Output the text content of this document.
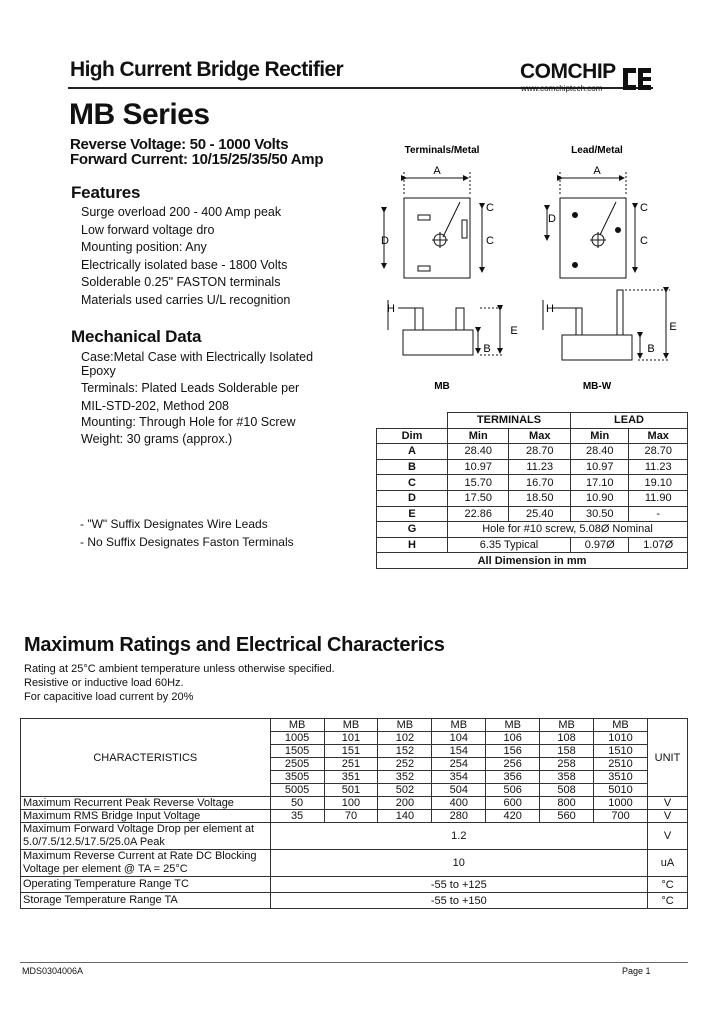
High Current Bridge Rectifier	COMCHIP
www.comchiptech.com
MB Series
Reverse Voltage: 50 - 1000 Volts
Forward Current: 10/15/25/35/50 Amp
Features
Surge overload 200 - 400 Amp peak
Low forward voltage dro
Mounting position: Any
Electrically isolated base - 1800 Volts
Solderable 0.25" FASTON terminals
Materials used carries U/L recognition
Mechanical Data
Case:Metal Case with Electrically Isolated
Epoxy
Terminals: Plated Leads Solderable per
MIL-STD-202, Method 208
Mounting: Through Hole for #10 Screw
Weight: 30 grams (approx.)
- "W" Suffix Designates Wire Leads
- No Suffix Designates Faston Terminals
Terminals/Metal	Lead/Metal
A
D
C
C
A
D
C
C
H
E
B
H
E
B
MB	MB-W
	TERMINALS		LEAD	
Dim	Min	Max	Min	Max
A	28.40	28.70	28.40	28.70
B	10.97	11.23	10.97	11.23
C	15.70	16.70	17.10	19.10
D	17.50	18.50	10.90	11.90
E	22.86	25.40	30.50	-
G	Hole for #10 screw, 5.08Ø Nominal			
H	6.35 Typical		0.97Ø	1.07Ø
All Dimension in mm				
Maximum Ratings and Electrical Characterics
Rating at 25°C ambient temperature unless otherwise specified.
Resistive or inductive load 60Hz.
For capacitive load current by 20%
CHARACTERISTICS	MB	MB	MB	MB	MB	MB	MB	UNIT
	1005	101	102	104	106	108	1010	
	1505	151	152	154	156	158	1510	
	2505	251	252	254	256	258	2510	
	3505	351	352	354	356	358	3510	
	5005	501	502	504	506	508	5010	
Maximum Recurrent Peak Reverse Voltage	50	100	200	400	600	800	1000	V
Maximum RMS Bridge Input Voltage	35	70	140	280	420	560	700	V

Maximum Forward Voltage Drop per element at
5.0/7.5/12.5/17.5/25.0A Peak	1.2							V

Maximum Reverse Current at Rate DC Blocking
Voltage per element @ TA = 25°C	10							uA
Operating Temperature Range TC	-55 to +125							°C
Storage Temperature Range TA	-55 to +150							°C
MDS0304006A	Page 1
